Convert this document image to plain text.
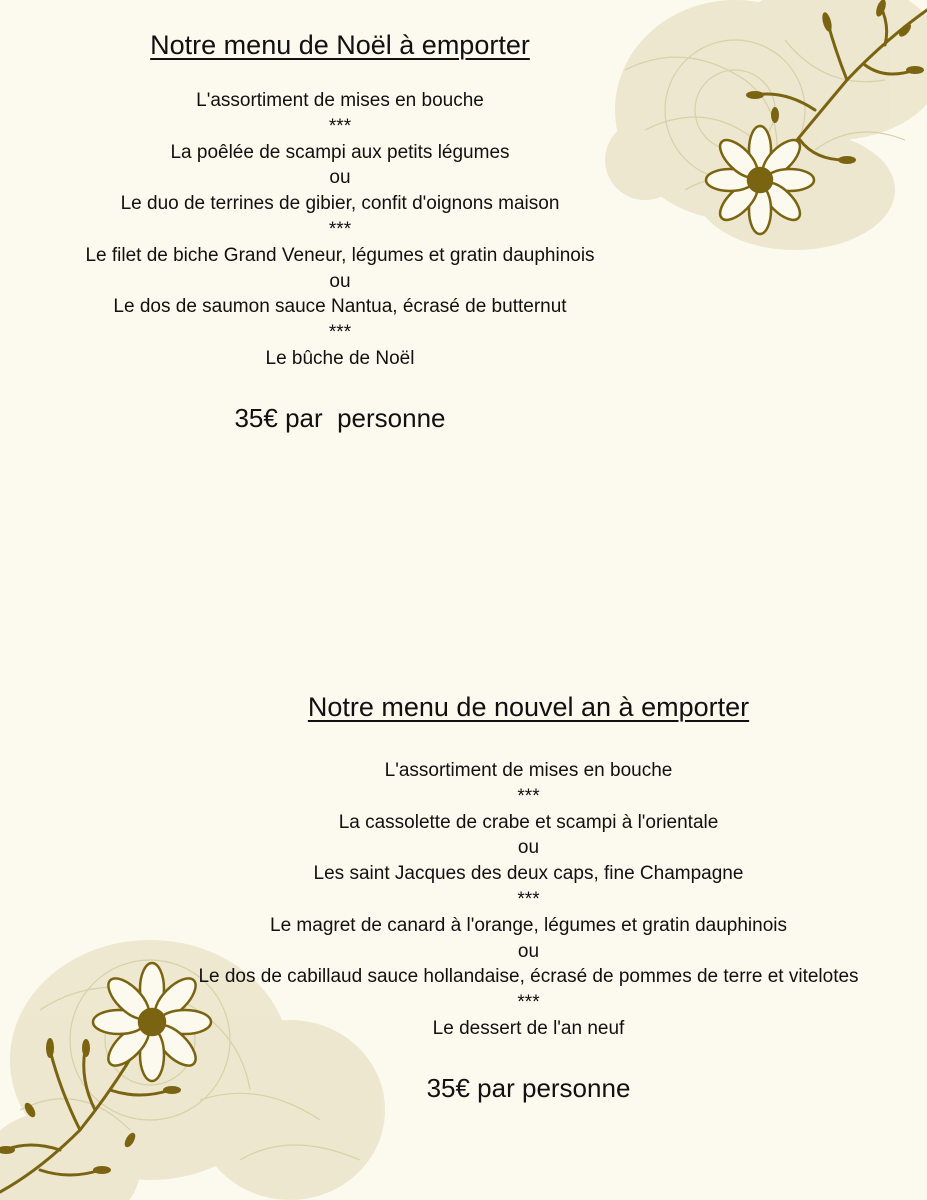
Notre menu de Noël à emporter
L'assortiment de mises en bouche
***
La poêlée de scampi aux petits légumes
ou
Le duo de terrines de gibier, confit d'oignons maison
***
Le filet de biche Grand Veneur, légumes et gratin dauphinois
ou
Le dos de saumon sauce Nantua, écrasé de butternut
***
Le bûche de Noël
35€ par  personne
Notre menu de nouvel an à emporter
L'assortiment de mises en bouche
***
La cassolette de crabe et scampi à l'orientale
ou
Les saint Jacques des deux caps, fine Champagne
***
Le magret de canard à l'orange, légumes et gratin dauphinois
ou
Le dos de cabillaud sauce hollandaise, écrasé de pommes de terre et vitelotes
***
Le dessert de l'an neuf
35€ par personne
